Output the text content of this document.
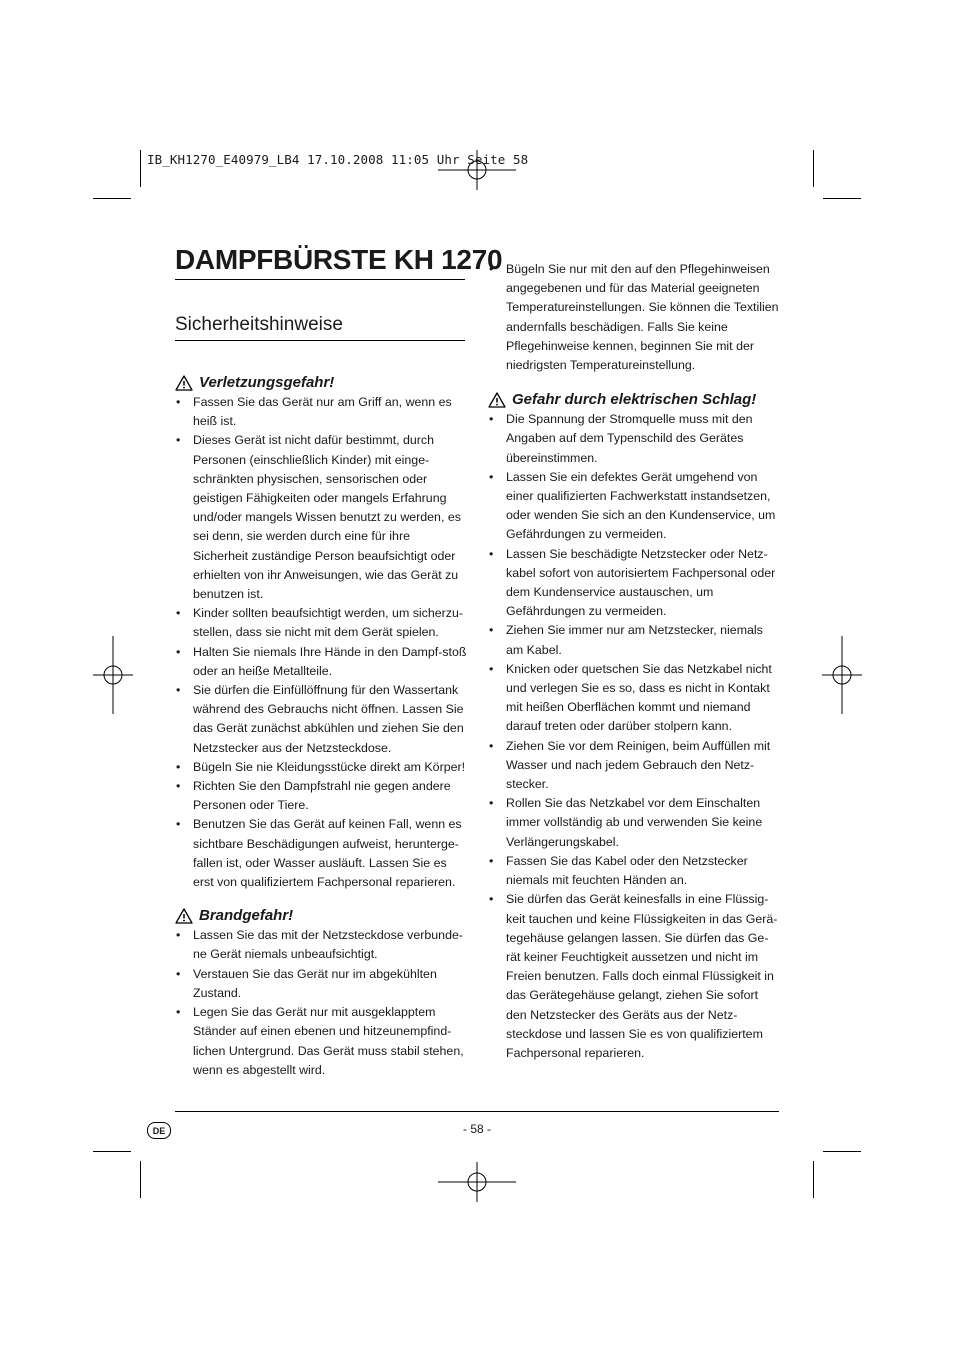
IB_KH1270_E40979_LB4 17.10.2008 11:05 Uhr Seite 58
DAMPFBÜRSTE KH 1270
Sicherheitshinweise
Verletzungsgefahr!
• Fassen Sie das Gerät nur am Griff an, wenn es heiß ist.
• Dieses Gerät ist nicht dafür bestimmt, durch Personen (einschließlich Kinder) mit einge-schränkten physischen, sensorischen oder geistigen Fähigkeiten oder mangels Erfahrung und/oder mangels Wissen benutzt zu werden, es sei denn, sie werden durch eine für ihre Sicherheit zuständige Person beaufsichtigt oder erhielten von ihr Anweisungen, wie das Gerät zu benutzen ist.
• Kinder sollten beaufsichtigt werden, um sicherzu-stellen, dass sie nicht mit dem Gerät spielen.
• Halten Sie niemals Ihre Hände in den Dampf-stoß oder an heiße Metallteile.
• Sie dürfen die Einfüllöffnung für den Wassertank während des Gebrauchs nicht öffnen. Lassen Sie das Gerät zunächst abkühlen und ziehen Sie den Netzstecker aus der Netzsteckdose.
• Bügeln Sie nie Kleidungsstücke direkt am Körper!
• Richten Sie den Dampfstrahl nie gegen andere Personen oder Tiere.
• Benutzen Sie das Gerät auf keinen Fall, wenn es sichtbare Beschädigungen aufweist, herunterge-fallen ist, oder Wasser ausläuft. Lassen Sie es erst von qualifiziertem Fachpersonal reparieren.
Brandgefahr!
• Lassen Sie das mit der Netzsteckdose verbunde-ne Gerät niemals unbeaufsichtigt.
• Verstauen Sie das Gerät nur im abgekühlten Zustand.
• Legen Sie das Gerät nur mit ausgeklapptem Ständer auf einen ebenen und hitzeunempfind-lichen Untergrund. Das Gerät muss stabil stehen, wenn es abgestellt wird.
• Bügeln Sie nur mit den auf den Pflegehinweisen angegebenen und für das Material geeigneten Temperatureinstellungen. Sie können die Textilien andernfalls beschädigen. Falls Sie keine Pflegehinweise kennen, beginnen Sie mit der niedrigsten Temperatureinstellung.
Gefahr durch elektrischen Schlag!
• Die Spannung der Stromquelle muss mit den Angaben auf dem Typenschild des Gerätes übereinstimmen.
• Lassen Sie ein defektes Gerät umgehend von einer qualifizierten Fachwerkstatt instandsetzen, oder wenden Sie sich an den Kundenservice, um Gefährdungen zu vermeiden.
• Lassen Sie beschädigte Netzstecker oder Netz-kabel sofort von autorisiertem Fachpersonal oder dem Kundenservice austauschen, um Gefährdungen zu vermeiden.
• Ziehen Sie immer nur am Netzstecker, niemals am Kabel.
• Knicken oder quetschen Sie das Netzkabel nicht und verlegen Sie es so, dass es nicht in Kontakt mit heißen Oberflächen kommt und niemand darauf treten oder darüber stolpern kann.
• Ziehen Sie vor dem Reinigen, beim Auffüllen mit Wasser und nach jedem Gebrauch den Netz-stecker.
• Rollen Sie das Netzkabel vor dem Einschalten immer vollständig ab und verwenden Sie keine Verlängerungskabel.
• Fassen Sie das Kabel oder den Netzstecker niemals mit feuchten Händen an.
• Sie dürfen das Gerät keinesfalls in eine Flüssig-keit tauchen und keine Flüssigkeiten in das Gerä-tegehäuse gelangen lassen. Sie dürfen das Ge-rät keiner Feuchtigkeit aussetzen und nicht im Freien benutzen. Falls doch einmal Flüssigkeit in das Gerätegehäuse gelangt, ziehen Sie sofort den Netzstecker des Geräts aus der Netz-steckdose und lassen Sie es von qualifiziertem Fachpersonal reparieren.
DE	- 58 -
